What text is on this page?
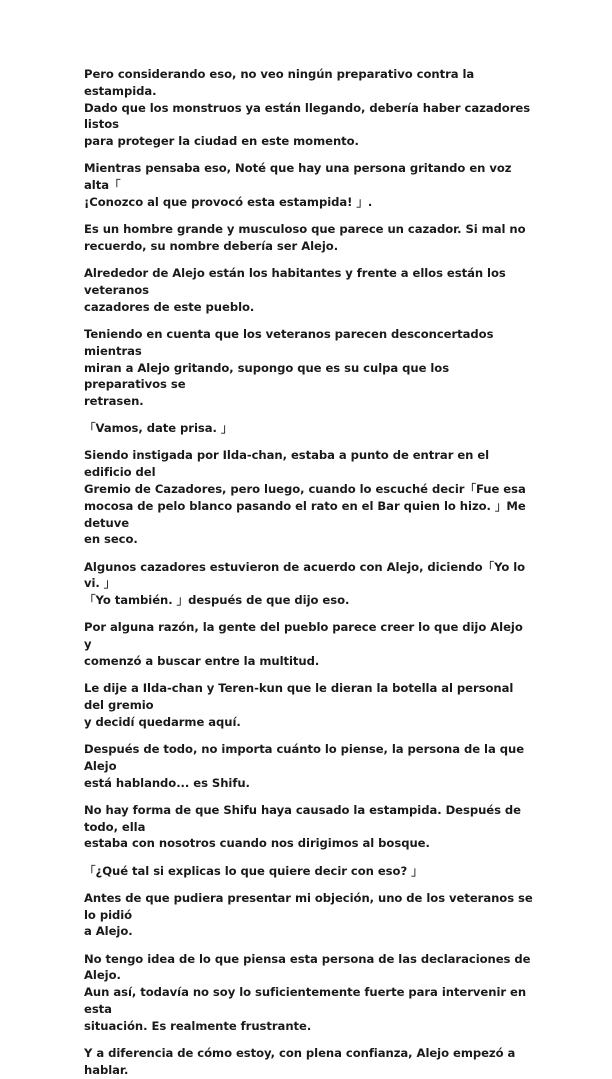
Pero considerando eso, no veo ningún preparativo contra la estampida.
Dado que los monstruos ya están llegando, debería haber cazadores listos
para proteger la ciudad en este momento.

Mientras pensaba eso, Noté que hay una persona gritando en voz alta「
¡Conozco al que provocó esta estampida! 」.

Es un hombre grande y musculoso que parece un cazador. Si mal no
recuerdo, su nombre debería ser Alejo.

Alrededor de Alejo están los habitantes y frente a ellos están los veteranos
cazadores de este pueblo.

Teniendo en cuenta que los veteranos parecen desconcertados mientras
miran a Alejo gritando, supongo que es su culpa que los preparativos se
retrasen.

「Vamos, date prisa. 」

Siendo instigada por Ilda-chan, estaba a punto de entrar en el edificio del
Gremio de Cazadores, pero luego, cuando lo escuché decir「Fue esa
mocosa de pelo blanco pasando el rato en el Bar quien lo hizo. 」Me detuve
en seco.

Algunos cazadores estuvieron de acuerdo con Alejo, diciendo「Yo lo vi. 」
「Yo también. 」después de que dijo eso.

Por alguna razón, la gente del pueblo parece creer lo que dijo Alejo y
comenzó a buscar entre la multitud.

Le dije a Ilda-chan y Teren-kun que le dieran la botella al personal del gremio
y decidí quedarme aquí.

Después de todo, no importa cuánto lo piense, la persona de la que Alejo
está hablando... es Shifu.

No hay forma de que Shifu haya causado la estampida. Después de todo, ella
estaba con nosotros cuando nos dirigimos al bosque.

「¿Qué tal si explicas lo que quiere decir con eso? 」

Antes de que pudiera presentar mi objeción, uno de los veteranos se lo pidió
a Alejo.

No tengo idea de lo que piensa esta persona de las declaraciones de Alejo.
Aun así, todavía no soy lo suficientemente fuerte para intervenir en esta
situación. Es realmente frustrante.

Y a diferencia de cómo estoy, con plena confianza, Alejo empezó a hablar.
